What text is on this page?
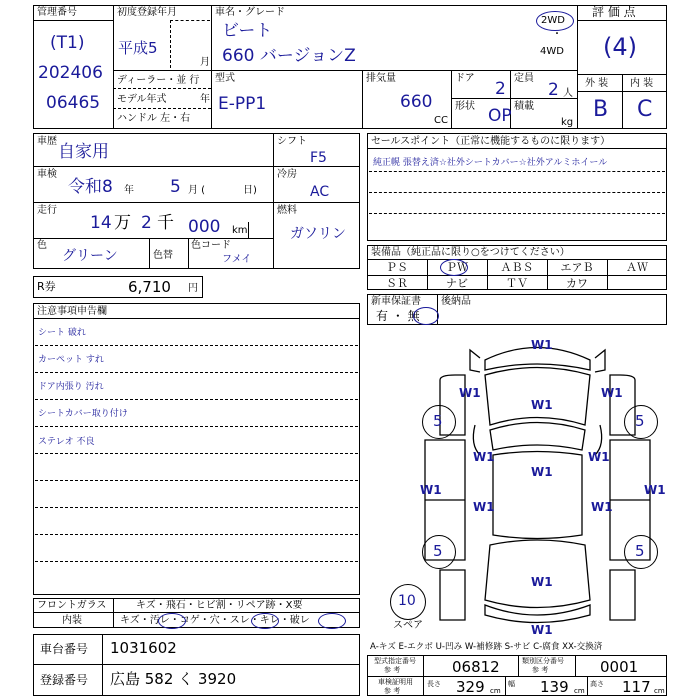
管理番号
(T1)
202406
06465
初度登録年月
平成5
月
車名・グレード
ビート
660 バージョンZ
2WD
・
4WD
評 価 点
(4)
外 装 内 装
B C
ディーラー・並 行
モデル年式	年
ハンドル 左・右
型式
E-PP1
排気量
660
CC
ドア
2
形状 OP
定員
2 人
積載
kg
車歴
自家用
車検
令和8 年 5 月 (	日)
走行
14 万 2 千 000 km
色
グリーン	色替
色コード
フメイ
シフト
F5
冷房
AC
燃料
ガソリン
セールスポイント（正常に機能するものに限ります）
純正幌 張替え済☆社外シートカバー☆社外アルミホイール
装備品（純正品に限り○をつけてください）
ＰＳ	ＰＷ	ＡＢＳ	エアＢ	ＡＷ
ＳＲ	ナビ	ＴＶ	カワ
R券	6,710 円
新車保証書
有 ・ 無
後納品
注意事項申告欄
シート 破れ
カーペット すれ
ドア内張り 汚れ
シートカバー取り付け
ステレオ 不良
W1
W1	W1
W1
W1	W1
W1
W1	W1
W1	W1
W1
W1
5	5
5	5
10
スペア
フロントガラス	キズ・飛石・ヒビ割・リペア跡・X要
内装	キズ・汚レ・コゲ・穴・スレ・キレ・破レ
車台番号 1031602
登録番号 広島 582 く 3920
A-キズ E-エクボ U-凹み W-補修跡 S-サビ C-腐食 XX-交換済
型式指定番号
参 考	06812	類別区分番号
参 考	0001
車検証明用
参 考
長さ 329 cm
幅 139 cm
高さ 117 cm
